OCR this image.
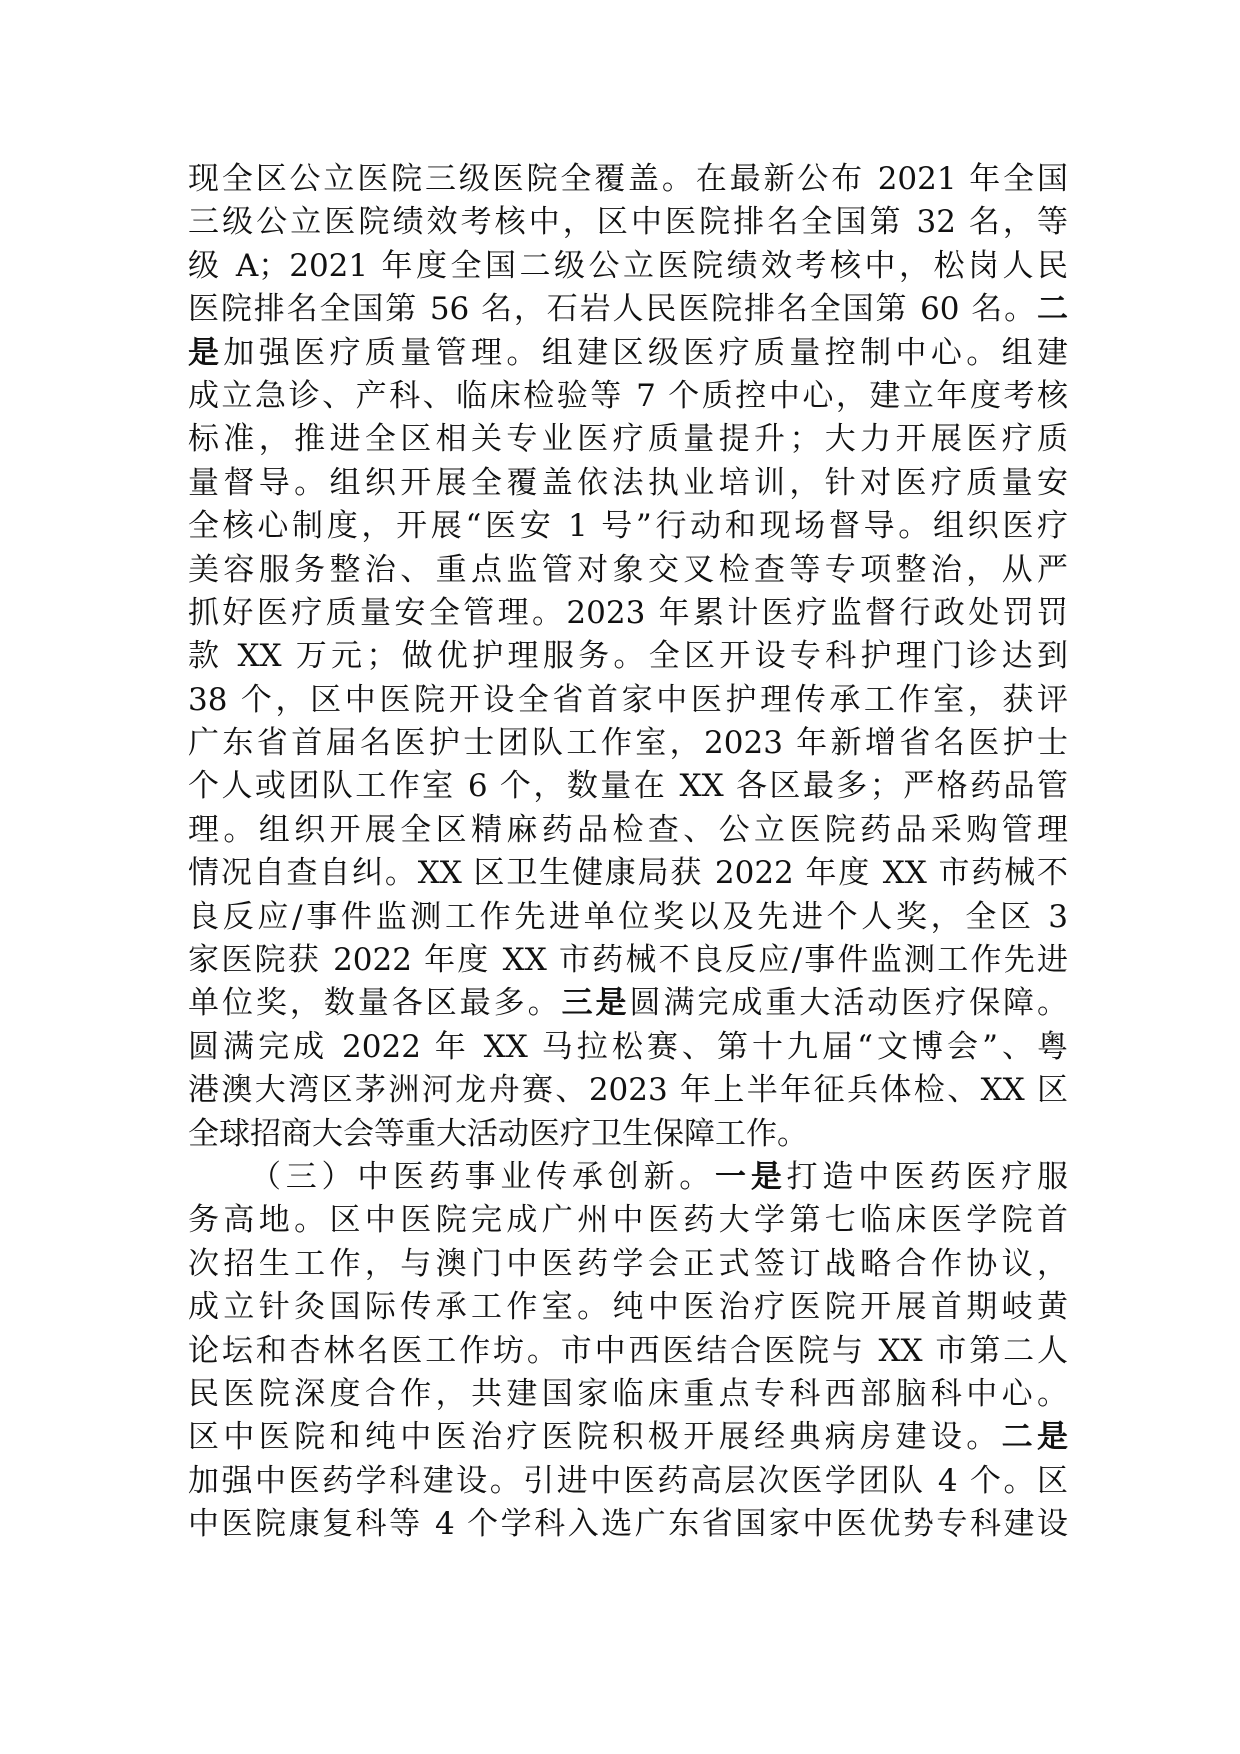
现全区公立医院三级医院全覆盖。在最新公布 2021 年全国
三级公立医院绩效考核中，区中医院排名全国第 32 名，等
级 A；2021 年度全国二级公立医院绩效考核中，松岗人民
医院排名全国第 56 名，石岩人民医院排名全国第 60 名。二
是加强医疗质量管理。组建区级医疗质量控制中心。组建
成立急诊、产科、临床检验等 7 个质控中心，建立年度考核
标准，推进全区相关专业医疗质量提升；大力开展医疗质
量督导。组织开展全覆盖依法执业培训，针对医疗质量安
全核心制度，开展“医安 1 号”行动和现场督导。组织医疗
美容服务整治、重点监管对象交叉检查等专项整治，从严
抓好医疗质量安全管理。2023 年累计医疗监督行政处罚罚
款 XX 万元；做优护理服务。全区开设专科护理门诊达到
38 个，区中医院开设全省首家中医护理传承工作室，获评
广东省首届名医护士团队工作室，2023 年新增省名医护士
个人或团队工作室 6 个，数量在 XX 各区最多；严格药品管
理。组织开展全区精麻药品检查、公立医院药品采购管理
情况自查自纠。XX 区卫生健康局获 2022 年度 XX 市药械不
良反应/事件监测工作先进单位奖以及先进个人奖，全区 3
家医院获 2022 年度 XX 市药械不良反应/事件监测工作先进
单位奖，数量各区最多。三是圆满完成重大活动医疗保障。
圆满完成 2022 年 XX 马拉松赛、第十九届“文博会”、粤
港澳大湾区茅洲河龙舟赛、2023 年上半年征兵体检、XX 区
全球招商大会等重大活动医疗卫生保障工作。
（三）中医药事业传承创新。一是打造中医药医疗服
务高地。区中医院完成广州中医药大学第七临床医学院首
次招生工作，与澳门中医药学会正式签订战略合作协议，
成立针灸国际传承工作室。纯中医治疗医院开展首期岐黄
论坛和杏林名医工作坊。市中西医结合医院与 XX 市第二人
民医院深度合作，共建国家临床重点专科西部脑科中心。
区中医院和纯中医治疗医院积极开展经典病房建设。二是
加强中医药学科建设。引进中医药高层次医学团队 4 个。区
中医院康复科等 4 个学科入选广东省国家中医优势专科建设
